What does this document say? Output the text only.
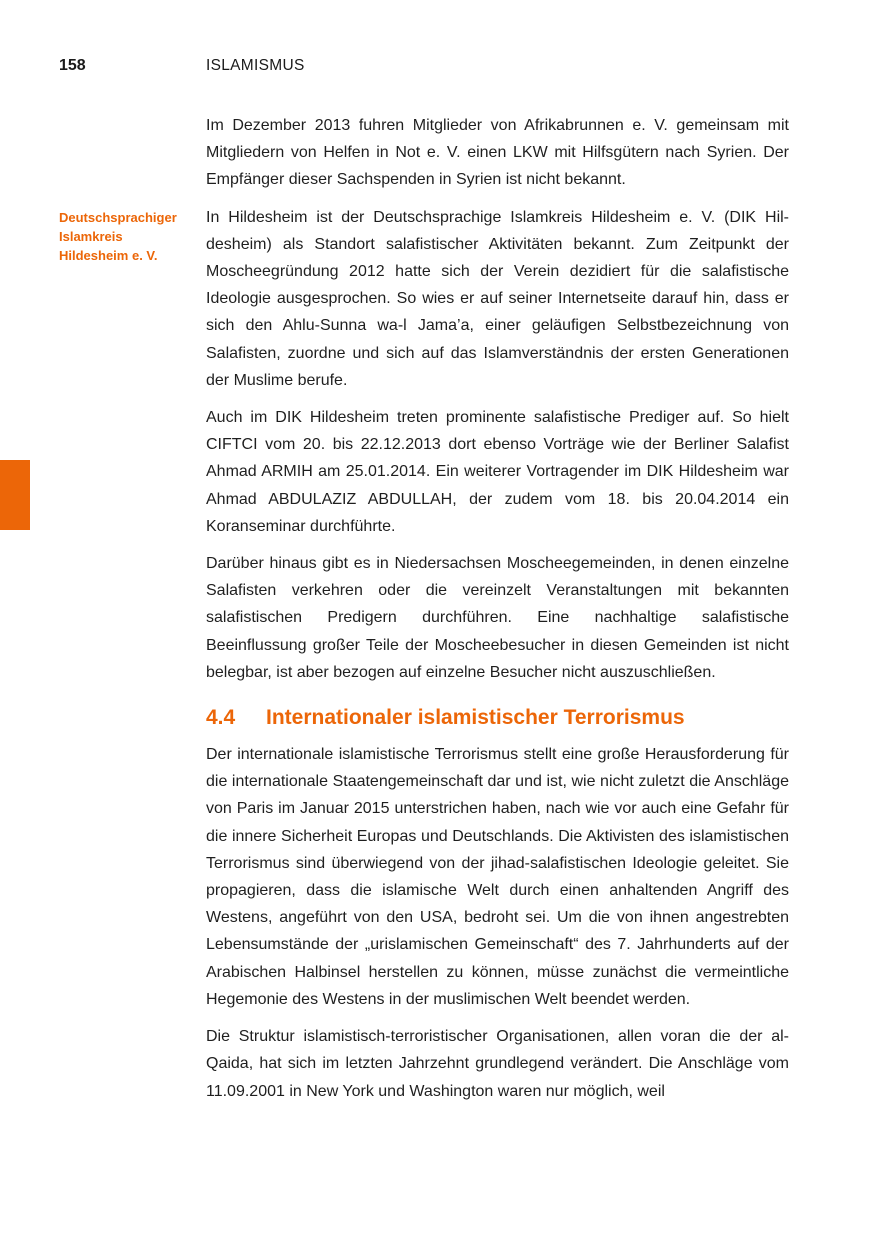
158	ISLAMISMUS
Deutschsprachiger Islamkreis Hildesheim e. V.

Im Dezember 2013 fuhren Mitglieder von Afrikabrunnen e. V. gemeinsam mit Mitgliedern von Helfen in Not e. V. einen LKW mit Hilfsgütern nach Syrien. Der Empfänger dieser Sachspenden in Syrien ist nicht bekannt.

In Hildesheim ist der Deutschsprachige Islamkreis Hildesheim e. V. (DIK Hildesheim) als Standort salafistischer Aktivitäten bekannt. Zum Zeitpunkt der Moscheegründung 2012 hatte sich der Verein dezidiert für die salafistische Ideologie ausgesprochen. So wies er auf seiner Internetseite darauf hin, dass er sich den Ahlu-Sunna wa-l Jama’a, einer geläufigen Selbstbezeichnung von Salafisten, zuordne und sich auf das Islamverständnis der ersten Generationen der Muslime berufe.

Auch im DIK Hildesheim treten prominente salafistische Prediger auf. So hielt CIFTCI vom 20. bis 22.12.2013 dort ebenso Vorträge wie der Berliner Salafist Ahmad ARMIH am 25.01.2014. Ein weiterer Vortragender im DIK Hildesheim war Ahmad ABDULAZIZ ABDULLAH, der zudem vom 18. bis 20.04.2014 ein Koranseminar durchführte.

Darüber hinaus gibt es in Niedersachsen Moscheegemeinden, in denen einzelne Salafisten verkehren oder die vereinzelt Veranstaltungen mit bekannten salafistischen Predigern durchführen. Eine nachhaltige salafistische Beeinflussung großer Teile der Moscheebesucher in diesen Gemeinden ist nicht belegbar, ist aber bezogen auf einzelne Besucher nicht auszuschließen.

4.4	Internationaler islamistischer Terrorismus

Der internationale islamistische Terrorismus stellt eine große Herausforderung für die internationale Staatengemeinschaft dar und ist, wie nicht zuletzt die Anschläge von Paris im Januar 2015 unterstrichen haben, nach wie vor auch eine Gefahr für die innere Sicherheit Europas und Deutschlands. Die Aktivisten des islamistischen Terrorismus sind überwiegend von der jihad-salafistischen Ideologie geleitet. Sie propagieren, dass die islamische Welt durch einen anhaltenden Angriff des Westens, angeführt von den USA, bedroht sei. Um die von ihnen angestrebten Lebensumstände der „urislamischen Gemeinschaft“ des 7. Jahrhunderts auf der Arabischen Halbinsel herstellen zu können, müsse zunächst die vermeintliche Hegemonie des Westens in der muslimischen Welt beendet werden.

Die Struktur islamistisch-terroristischer Organisationen, allen voran die der al-Qaida, hat sich im letzten Jahrzehnt grundlegend verändert. Die Anschläge vom 11.09.2001 in New York und Washington waren nur möglich, weil
